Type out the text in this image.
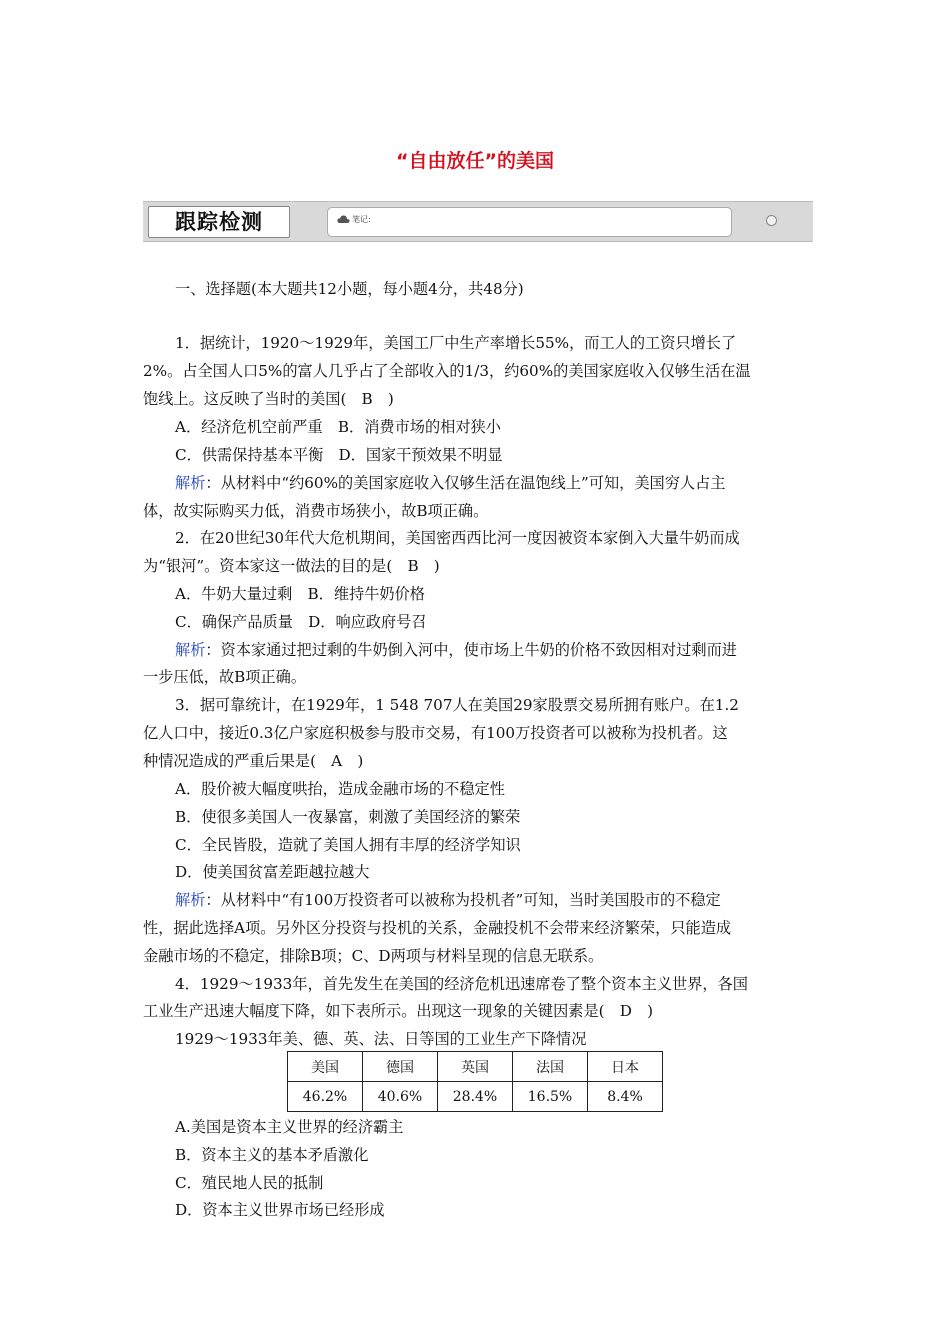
“自由放任”的美国
跟踪检测	笔记:
一、选择题(本大题共12小题，每小题4分，共48分)
1．据统计，1920～1929年，美国工厂中生产率增长55%，而工人的工资只增长了
2%。占全国人口5%的富人几乎占了全部收入的1/3，约60%的美国家庭收入仅够生活在温
饱线上。这反映了当时的美国(　B　)
A．经济危机空前严重　B．消费市场的相对狭小
C．供需保持基本平衡　D．国家干预效果不明显
解析：从材料中“约60%的美国家庭收入仅够生活在温饱线上”可知，美国穷人占主
体，故实际购买力低，消费市场狭小，故B项正确。
2．在20世纪30年代大危机期间，美国密西西比河一度因被资本家倒入大量牛奶而成
为“银河”。资本家这一做法的目的是(　B　)
A．牛奶大量过剩　B．维持牛奶价格
C．确保产品质量　D．响应政府号召
解析：资本家通过把过剩的牛奶倒入河中，使市场上牛奶的价格不致因相对过剩而进
一步压低，故B项正确。
3．据可靠统计，在1929年，1 548 707人在美国29家股票交易所拥有账户。在1.2
亿人口中，接近0.3亿户家庭积极参与股市交易，有100万投资者可以被称为投机者。这
种情况造成的严重后果是(　A　)
A．股价被大幅度哄抬，造成金融市场的不稳定性
B．使很多美国人一夜暴富，刺激了美国经济的繁荣
C．全民皆股，造就了美国人拥有丰厚的经济学知识
D．使美国贫富差距越拉越大
解析：从材料中“有100万投资者可以被称为投机者”可知，当时美国股市的不稳定
性，据此选择A项。另外区分投资与投机的关系，金融投机不会带来经济繁荣，只能造成
金融市场的不稳定，排除B项；C、D两项与材料呈现的信息无联系。
4．1929～1933年，首先发生在美国的经济危机迅速席卷了整个资本主义世界，各国
工业生产迅速大幅度下降，如下表所示。出现这一现象的关键因素是(　D　)
1929～1933年美、德、英、法、日等国的工业生产下降情况
美国	德国	英国	法国	日本
46.2%	40.6%	28.4%	16.5%	8.4%
A.美国是资本主义世界的经济霸主
B．资本主义的基本矛盾激化
C．殖民地人民的抵制
D．资本主义世界市场已经形成
